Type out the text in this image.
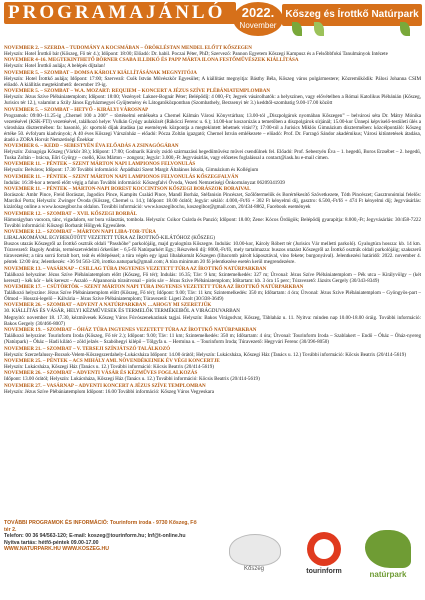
PROGRAMAJÁNLÓ	2022.
November
Kőszeg és Írottkő Natúrpark
NOVEMBER 2. – SZERDA – TUDOMÁNY A KOCSMÁBAN – ÖRÖKLÉSTAN MENDEL ELŐTT KŐSZEGEN
Helyszín: Hotel Írottkő bár (Kőszeg, Fő tér 4.); Időpont: 18:00; Előadó: Dr. habil. Poczai Péter, PhD; Szervező: Pannon Egyetem Kőszegi Kampusz és a Felsőbbfokú Tanulmányok Intézete
NOVEMBER 4–16. MEGTEKINTHETŐ BÖRNER CSABA ILLDIKÓ ÉS PAPP MÁRTA ILONA FESTŐMŰVÉSZEK KIÁLLÍTÁSA
Helyszín: Hotel Írottkő aulája; A belépés díjtalan!
NOVEMBER 5. – SZOMBAT – DOMSA KÁROLY KIÁLLÍTÁSÁNAK MEGNYITÓJA
Helyszín: Hotel Írottkő aulája; Időpont: 17:00; Szervező: Csók István Művészkör Egyesület; A kiállítást megnyitja: Básthy Béla, Kőszeg város polgármestere; Közreműködik: Pálosi Johanna CSIM előadó. A kiállítás megtekinthető: december 19-ig.
NOVEMBER 5. – SZOMBAT – W.A. MOZART: REQUIEM – KONCERT A JÉZUS SZÍVE PLÉBÁNIATEMPLOMBAN
Helyszín: Jézus Szíve Plébániatemplom; Időpont: 18:00; Vezényel: Lakner-Bognár Péter; Belépődíj: 4 000,-Ft; Jegyek vásárolhatók: a helyszínen, vagy elővételben a Római Katolikus Plébánián (Kőszeg, Jurisics tér 12.), valamint a Szily János Egyházmegyei Gyűjtemény és Látogatóközpontban (Szombathely, Berzsenyi tér 3.) keddtől-szombatig 9.00-17.00 között
NOVEMBER 5. – SZOMBAT – HETVŐ - KIRÁLYI VÁROSNAP
Programok: 09:00–11.25-ig „Chernel 100 a 200” – történelmi emlékséta a Chernel Kálmán Városi Könyvtárban; 13.00-tól „Diszpolgárok nyomában Kőszegen” – belvárosi séta Dr. Mátry Mónika vezetésével (KSK-FTI) vezetésével, találkozó helye: Vulkán Gyógy aulaközét (Rákóczi Ferenc u. 6.); 14.00-kor koszorúzás a temetőben a díszpolgárok sírjánál; 15.00-kor Ünnepi képviselő-testületi ülés a városháza dísztermében: fa: hasonló, jó: sportoló díjak átadása (az események központja a megtekintett lehetnek vitás!?); 17:00-tól a Jurisics Miklós Gimnázium dísztermében: közcélpontáló: Kőszeg értéke 50. évfolyam kiadványok; A 40 éves Kőszegi Várszínház – előadó: Pócza Zoltán igazgató; Chernel István emlékezete – előadó: Prof. Dr. Farragó Sándor akadémikus; Városi kitüntetések átadása, átadó a ZORA Horvát Nemzetiségi Énekkar
NOVEMBER 6. – KEDD – SEBESTYÉN ÉVA ELŐADÁS A ZSINAGÓGÁBAN
Helyszín: Zsinagóga Kőszeg (Várkör 38.); Időpont: 17:00; Godnarik Károly zsidó származású hegedűművész művei csendülnek fel. Előadó: Prof. Sebestyén Éva – 1. hegedű, Boros Erzsébet – 2. hegedű, Tuska Zoltán – brácsa, Eőri György – cselló, Kiss Márton – zongora; Jegyár: 3.000,-Ft Jegyvásárlás, vagy előzetes foglalással a contact@iask.hu e-mail címen.
NOVEMBER 11. – PÉNTEK – SZENT MÁRTON NAPI LAMPIONOS FELVONULÁS
Helyszín: Belváros; Időpont: 17.30 További információ: Árpádházi Szent Margit Általános Iskola, Gimnázium és Kollégium
NOVEMBER 11. – PÉNTEK – SZENT MÁRTON NAPI LAMPIONOS FELVONULÁS KŐSZEGFALVÁN
Indulás: 16:30-kor a temető előtt végig a falun További információ: Kőszegfalvi Óvoda, Vezeti Nemzetiségi Önkormányzat 06209341939
NOVEMBER 11. – PÉNTEK – MÁRTON-NAPI BOREST KOCCINTSON KŐSZEGI BORÁSZOK BORAIVAL
Borászok: Ambr Pince, Freid Borászat, Jagodics Pince, Kampits Család Pince, Mandl Borház, Stéfanisin Pincészet, Szőlőtermelők és Borértékesítő Szövetkezete, Tóth Pincészet; Gasztronómiai felelős: Marcikó Porta; Helyszín: Zwinger Óvoda (Kőszeg, Chernel u. 14.); Időpont: 18.00 órától; Jegyár: sétáló: 4.000,-Ft/fő + 302 Ft kényelmi díj, gasztro: 6.500,-Ft/fő + 474 Ft kényelmi díj; Jegyvásárlás: kizárólag online a www.koszegibor.hu oldalon. További információ: www.koszegibor.hu, koszegibor@gmail.com, 20/434-8862, Facebook események
NOVEMBER 12. – SZOMBAT – XVII. KŐSZEGI BORBÁL
Hámorágyban vacsora, tánc, vigadalom, sor bora választás, tombola. Helyszín: Csikor Csárda és Panzió; Időpont: 18.00; Zene: Kócos Ördögök; Belépődíj gyarapítja: 8.000,-Ft; Jegyvásárlás: 30/458-7222 További információ: Kőszegi Borbarát Hölgyek Egyesülete.
NOVEMBER 12. – SZOMBAT – MÁRTON NAPI LIBA-TOR-TÚRA
LIBALAKOMÁVAL EGYBEKÖTÖTT VEZETETT TÚRA AZ ÍROTTKŐ-KILÁTÓHOZ (KŐSZEG)
Buszos utazás Kőszegről az Írottkő osztrák oldali "Passhöhe" parkolójáig, majd gyalogtúra Kőszegre. Indulás: 10.00-kor, Károly Róbert tér (Jurisics Vár melletti parkoló). Gyalogtúra hossza: kb. 14 km. Túravezető: Bagoly András, természetvédelmi őrkerület – 6,5-fő Natúrparkért Egy.; Részvételi díj: 8000,-Ft/fő, mely tartalmazza: buszos utazást Kőszegről az Írottkő osztrák oldali parkolójáig; szakszerű túravezetést; a túra sorrá forralt bort, teát és előtépéssel; a túra végén egy igazi libalakomát Kőszegen (libacomb párolt káposztával, vino fekete; burgonyával). Jelentkezési határidő: 2022. november 4. péntek 12:00 óra; Jelentkezés: +36 94 563-120, irottko.naturpark@gmail.com; A túra minimum 20 fő jelentkezése esetén kerül megrendezésre.
NOVEMBER 13. – VASÁRNAP – CSILLAG TÚRA INGYENES VEZETETT TÚRA AZ ÍROTTKŐ NATÚRPARKBAN
Találkozó helyszíne: Jézus Szíve Plébániatemplom előtt (Kőszeg, Fő tér); Indulás: 16.35; Táv: 9 km; Szintemelkedés: 327 m; Útvonal: Jézus Szíve Plébániatemplom – Pék utca – Királyvölgy – (két kereszt) – kék kör – kék kereszt – Aszaló – Alpannonia túraútvonal – pirós sáv – Jézus Szíve Plébániatemplom; Időtartam: kb. 3 óra 15 perc; Túravezető: Jázsits Gergely (30/343-8349)
NOVEMBER 17. – CSÜTÖRTÖK – SZENT MÁRTON NAPI TÚRA INGYENES VEZETETT TÚRA AZ ÍROTTKŐ NATÚRPARKBAN
Találkozó helyszíne: Jézus Szíve Plébániatemplom előtt (Kőszeg, Fő tér); Időpont: 9.00; Táv: 11 km; Szintemelkedés: 350 m; Időtartam: 4 óra; Útvonal: Jézus Szíve Plébániatemplom – Gyöngyös-part – Ólmod – Hosszú-legelő – Kálvária – Jézus Szíve Plébániatemplom; Túravezető: Ligeti Zsolt (30/338-3649)
NOVEMBER 26. – SZOMBAT – ADVENT A NATÚRPARKBAN …AHOGY MI SZERETJÜK
30. KIÁLLÍTÁS ÉS VÁSÁR, HELYI KÉZMŰVESEK ÉS TERMELŐK TERMÉKEIBŐL A VIRÁGDUVARBAN
Megnyitó: november 18. 17.30, kézművesek Kőszeg Város Fúvószenekarának tagjai. Helyszín: Bakos Virágudvar, Kőszeg, Táblaház u. 11. Nyitva: minden nap 10.00-18.00 óráig. További információ: Bakos Gergely (30/466-8007)
NOVEMBER 19. – SZOMBAT – ÓHÁZ TÚRA INGYENES VEZETETT TÚRA AZ ÍROTTKŐ NATÚRPARKBAN
Találkozó helyszíne: Tourinform Iroda (Kőszeg, Fő tér 2.); Időpont: 9.00; Táv: 11 km; Szintemelkedés: 350 m; Időtartam: 4 óra; Útvonal: Tourinform Iroda – Szablakert – Endő – Óház – Óház-nyereg (Natúrpark) – Óház – Hadi kilátó – zöld jelzés – Szabóhegyi kilépő – Tölgyfa u. – Hermina u. – Tourinform Iroda; Túravezető: Hegyvári Ferenc (30/396-8050)
NOVEMBER 21. – SZOMBAT – V. TERSEJI SZÍNJÁTSZÓ TALÁLKOZÓ
Helyszín: Szerzefalussy-Bozsok-Velem-Kőszegszerdahely-Lukácsháza Időpont: 14.00 órától; Helyszín: Lukácsháza, Kőszegi Ház (Tanács u. 12.) További információ: Kőcsis Beatrix (20/414-5619)
NOVEMBER 25. – PÉNTEK – ACS MIHÁLY AML NÖVENDÉKEINEK ÉV VÉGI KONCERTJE
Helyszín: Lukácsháza, Kőszegi Ház (Tanács u. 12.) További információ: Kőcsis Beatrix (20/414-5619)
NOVEMBER 26. – SZOMBAT – ADVENTI VÁSÁR ÉS KÉZMŰVES FOGLALKOZÁS
Időpont: 13.00 órától; Helyszín: Lukácsháza, Kőszegi Ház (Tanács u. 12.) További információ: Kőcsis Beatrix (20/414-5619)
NOVEMBER 27. – VASÁRNAP – ADVENTI KONCERT A JÉZUS SZÍVE TEMPLOMBAN
Helyszín: Jézus Szíve Plébániatemplom Időpont: 16.00 További információ: Kőszeg Város Vegyeskara
TOVÁBBI PROGRAMOK ÉS INFORMÁCIÓ: Tourinform iroda - 9730 Kőszeg, Fő tér 2.
Telefon: 00 36 94/563-120; E-mail: koszeg@tourinform.hu; Inf@t-online.hu
Nyitva tartás: hétfő-péntek 09.00-17.00
WWW.NATURPARK.HU WWW.KOSZEG.HU
Kőszeg	tourinform	natúrpark
